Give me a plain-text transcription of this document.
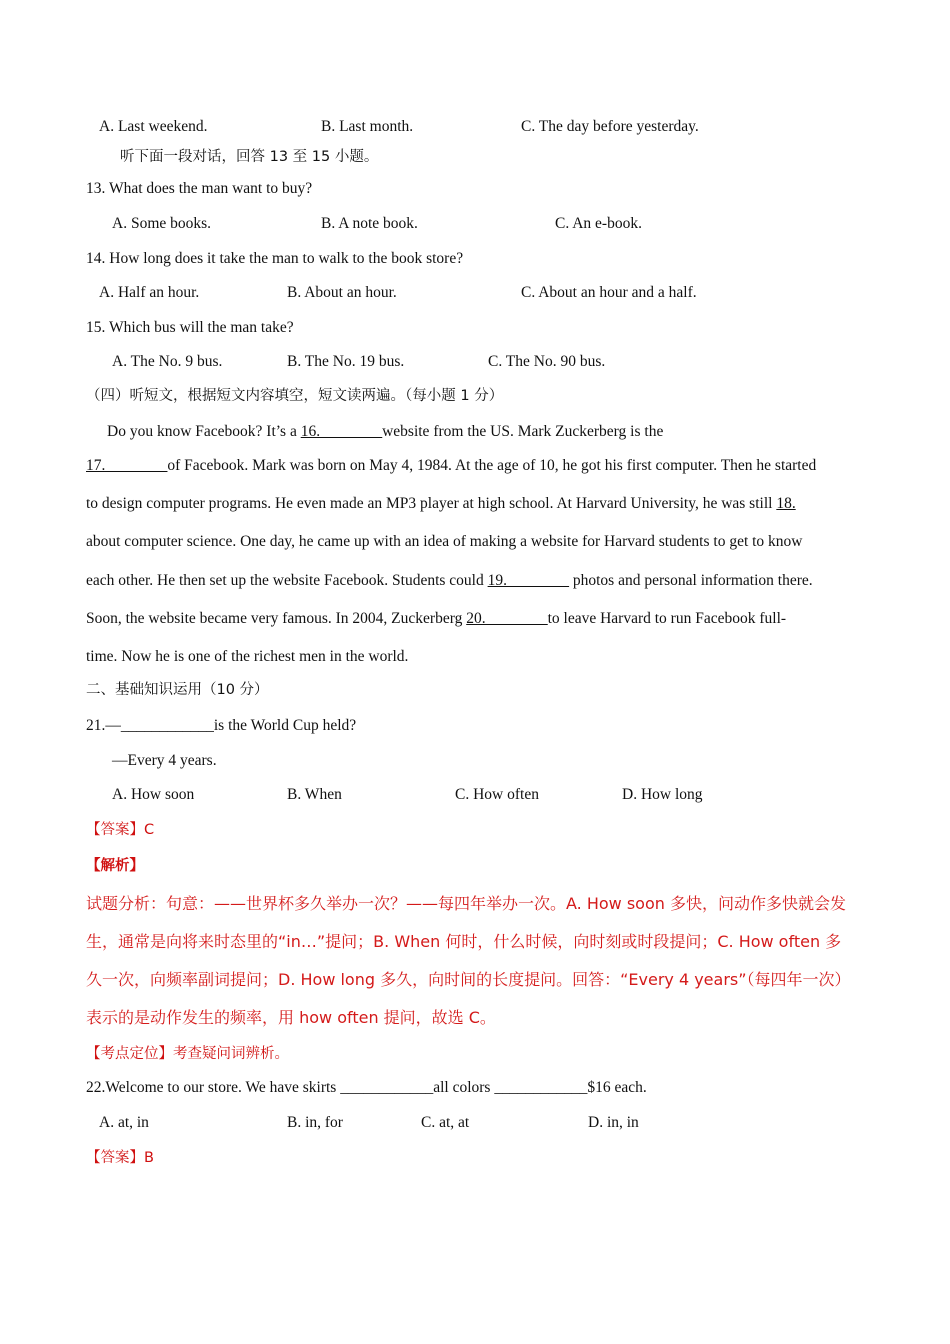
A. Last weekend.	B. Last month.	C. The day before yesterday.
听下面一段对话，回答 13 至 15 小题。
13. What does the man want to buy?
A. Some books.	B. A note book.	C. An e-book.
14. How long does it take the man to walk to the book store?
A. Half an hour.	B. About an hour.	C. About an hour and a half.
15. Which bus will the man take?
A. The No. 9 bus.	B. The No. 19 bus.	C. The No. 90 bus.
（四）听短文，根据短文内容填空，短文读两遍。（每小题 1 分）
Do you know Facebook? It’s a 16.________website from the US. Mark Zuckerberg is the
17.________of Facebook. Mark was born on May 4, 1984. At the age of 10, he got his first computer. Then he started
to design computer programs. He even made an MP3 player at high school. At Harvard University, he was still 18.
about computer science. One day, he came up with an idea of making a website for Harvard students to get to know
each other. He then set up the website Facebook. Students could 19.________ photos and personal information there.
Soon, the website became very famous. In 2004, Zuckerberg 20.________to leave Harvard to run Facebook full-
time. Now he is one of the richest men in the world.
二、基础知识运用（10 分）
21.—____________is the World Cup held?
—Every 4 years.
A. How soon	B. When	C. How often	D. How long
【答案】C
【解析】
试题分析：句意：——世界杯多久举办一次？——每四年举办一次。A. How soon 多快，问动作多快就会发
生，通常是向将来时态里的“in…”提问；B. When 何时，什么时候，向时刻或时段提问；C. How often 多
久一次，向频率副词提问；D. How long 多久，向时间的长度提问。回答：“Every 4 years”（每四年一次）
表示的是动作发生的频率，用 how often 提问，故选 C。
【考点定位】考查疑问词辨析。
22.Welcome to our store. We have skirts ____________all colors ____________$16 each.
A. at, in	B. in, for	C. at, at	D. in, in
【答案】B
